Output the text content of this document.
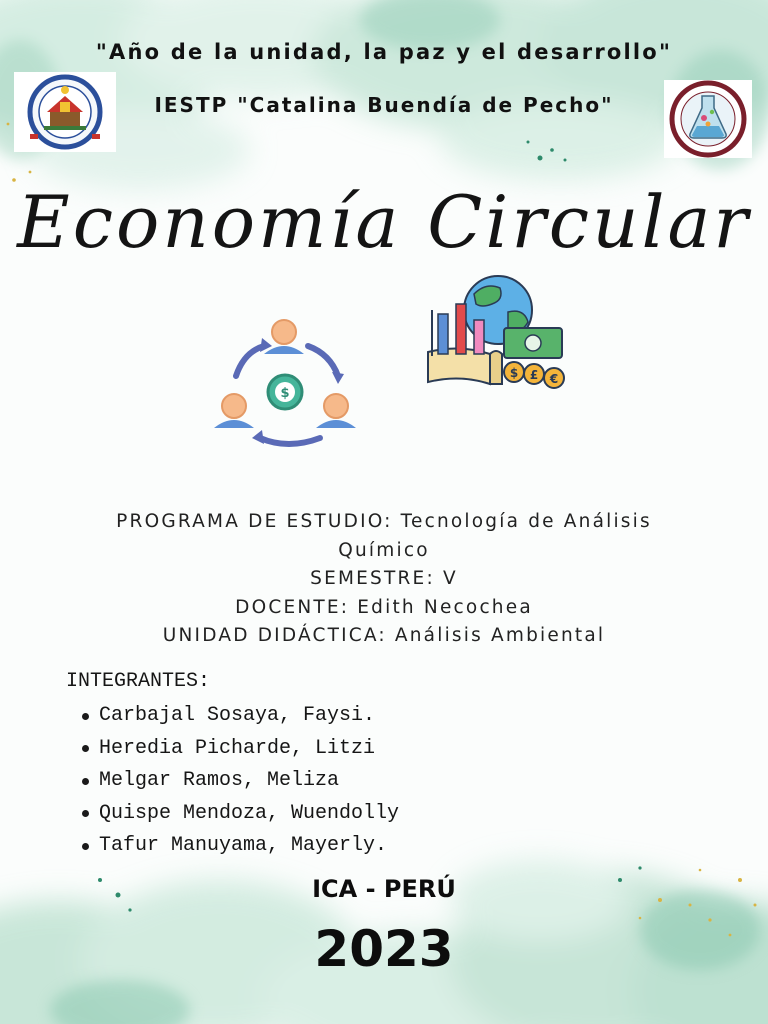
"Año de la unidad, la paz y el desarrollo"
IESTP "Catalina Buendía de Pecho"
Economía Circular
$
$ £ €
PROGRAMA DE ESTUDIO: Tecnología de Análisis
Químico
SEMESTRE: V
DOCENTE: Edith Necochea
UNIDAD DIDÁCTICA: Análisis Ambiental
INTEGRANTES:
Carbajal Sosaya, Faysi.
Heredia Picharde, Litzi
Melgar Ramos, Meliza
Quispe Mendoza, Wuendolly
Tafur Manuyama, Mayerly.
ICA - PERÚ
2023
